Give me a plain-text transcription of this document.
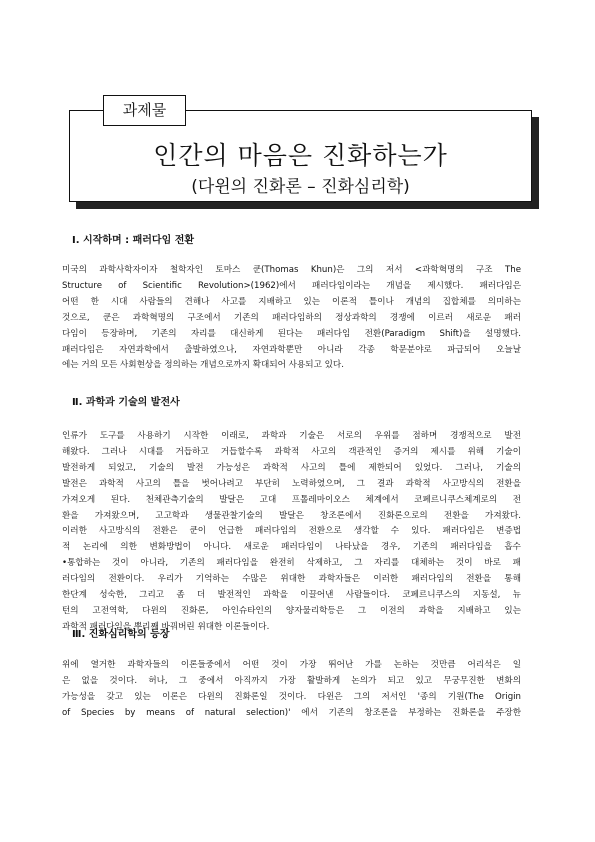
과제물
인간의 마음은 진화하는가
(다윈의 진화론 – 진화심리학)
Ⅰ. 시작하며 : 패러다임 전환
미국의 과학사학자이자 철학자인 토마스 쿤(Thomas Khun)은 그의 저서 <과학혁명의 구조 The
Structure of Scientific Revolution>(1962)에서 패러다임이라는 개념을 제시했다. 패러다임은
어떤 한 시대 사람들의 견해나 사고를 지배하고 있는 이론적 틀이나 개념의 집합체를 의미하는
것으로, 쿤은 과학혁명의 구조에서 기존의 패러다임하의 정상과학의 경쟁에 이르러 새로운 패러
다임이 등장하며, 기존의 자리를 대신하게 된다는 패러다임 전환(Paradigm Shift)을 설명했다.
패러다임은 자연과학에서 출발하였으나, 자연과학뿐만 아니라 각종 학문분야로 파급되어 오늘날
에는 거의 모든 사회현상을 정의하는 개념으로까지 확대되어 사용되고 있다.
Ⅱ. 과학과 기술의 발전사
인류가 도구를 사용하기 시작한 이래로, 과학과 기술은 서로의 우위를 점하며 경쟁적으로 발전
해왔다. 그러나 시대를 거듭하고 거듭할수록 과학적 사고의 객관적인 증거의 제시를 위해 기술이
발전하게 되었고, 기술의 발전 가능성은 과학적 사고의 틀에 제한되어 있었다. 그러나, 기술의
발전은 과학적 사고의 틀을 벗어나려고 부단히 노력하였으며, 그 결과 과학적 사고방식의 전환을
가져오게 된다. 천체관측기술의 발달은 고대 프톨레마이오스 체계에서 코페르니쿠스체계로의 전
환을 가져왔으며, 고고학과 생물관찰기술의 발달은 창조론에서 진화론으로의 전환을 가져왔다.
이러한 사고방식의 전환은 쿤이 언급한 패러다임의 전환으로 생각할 수 있다. 패러다임은 변증법
적 논리에 의한 변화방법이 아니다. 새로운 패러다임이 나타났을 경우, 기존의 패러다임을 흡수
•통합하는 것이 아니라, 기존의 패러다임을 완전히 삭제하고, 그 자리를 대체하는 것이 바로 패
러다임의 전환이다. 우리가 기억하는 수많은 위대한 과학자들은 이러한 패러다임의 전환을 통해
한단계 성숙한, 그리고 좀 더 발전적인 과학을 이끌어낸 사람들이다. 코페르니쿠스의 지동설, 뉴
턴의 고전역학, 다윈의 진화론, 아인슈타인의 양자물리학등은 그 이전의 과학을 지배하고 있는
과학적 패러다임을 뿌리째 바꿔버린 위대한 이론들이다.
Ⅲ. 진화심리학의 등장
위에 열거한 과학자들의 이론들중에서 어떤 것이 가장 뛰어난 가를 논하는 것만큼 어리석은 일
은 없을 것이다. 허나, 그 중에서 아직까지 가장 활발하게 논의가 되고 있고 무궁무진한 변화의
가능성을 갖고 있는 이론은 다윈의 진화론일 것이다. 다윈은 그의 저서인 '종의 기원(The Origin
of Species by means of natural selection)' 에서 기존의 창조론을 부정하는 진화론을 주장한
